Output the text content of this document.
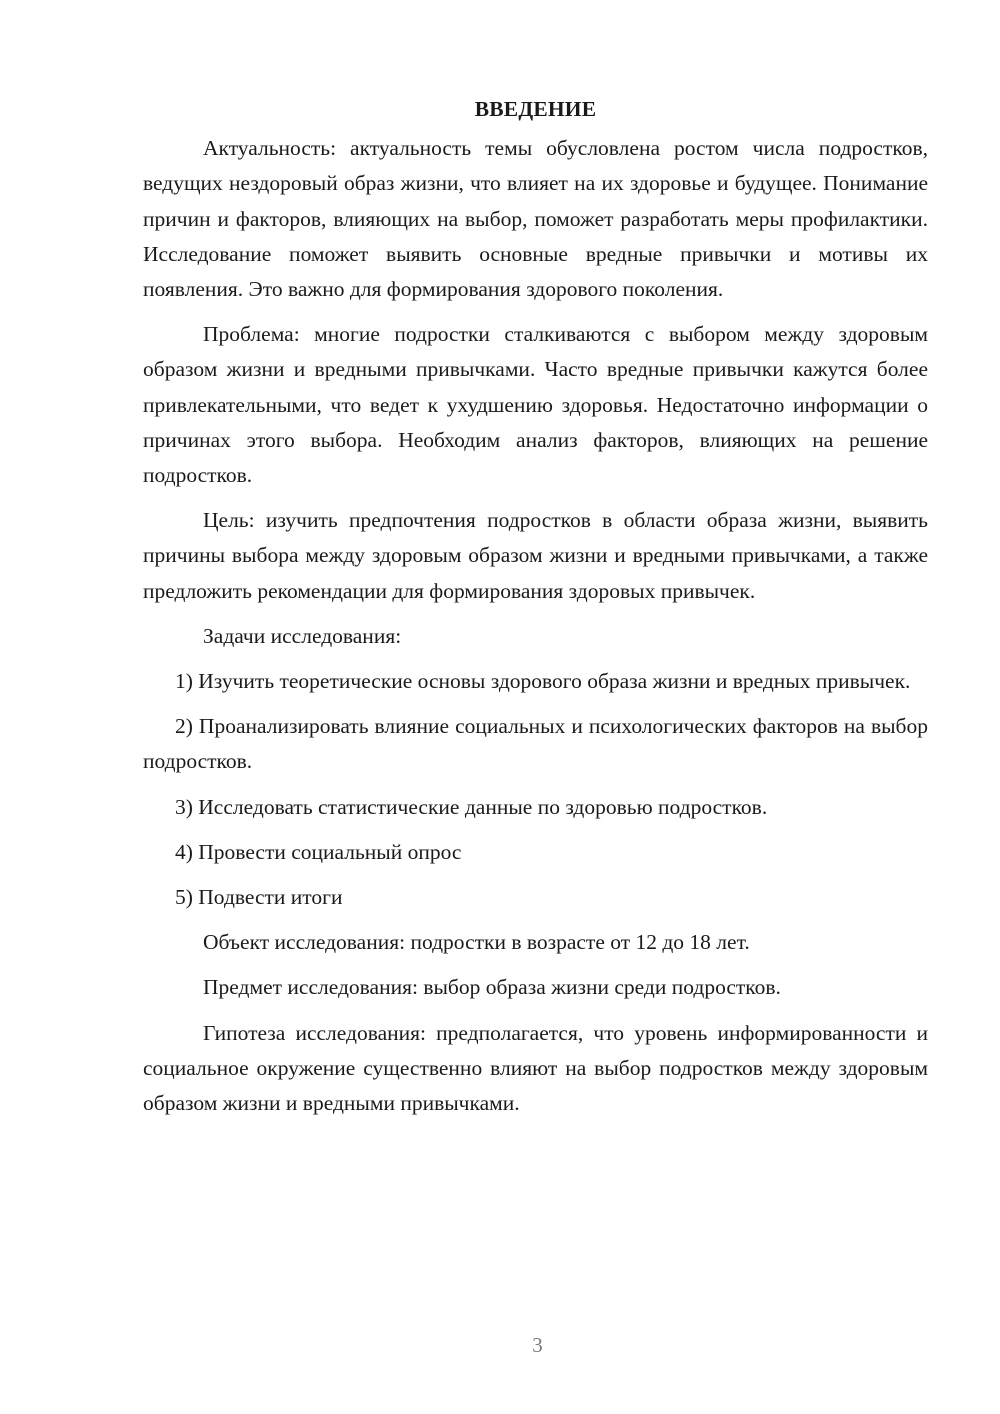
ВВЕДЕНИЕ

Актуальность: актуальность темы обусловлена ростом числа подростков, ведущих нездоровый образ жизни, что влияет на их здоровье и будущее. Понимание причин и факторов, влияющих на выбор, поможет разработать меры профилактики. Исследование поможет выявить основные вредные привычки и мотивы их появления. Это важно для формирования здорового поколения.

Проблема: многие подростки сталкиваются с выбором между здоровым образом жизни и вредными привычками. Часто вредные привычки кажутся более привлекательными, что ведет к ухудшению здоровья. Недостаточно информации о причинах этого выбора. Необходим анализ факторов, влияющих на решение подростков.

Цель: изучить предпочтения подростков в области образа жизни, выявить причины выбора между здоровым образом жизни и вредными привычками, а также предложить рекомендации для формирования здоровых привычек.

Задачи исследования:

1) Изучить теоретические основы здорового образа жизни и вредных привычек.

2) Проанализировать влияние социальных и психологических факторов на выбор подростков.

3) Исследовать статистические данные по здоровью подростков.

4) Провести социальный опрос

5) Подвести итоги

Объект исследования: подростки в возрасте от 12 до 18 лет.

Предмет исследования: выбор образа жизни среди подростков.

Гипотеза исследования: предполагается, что уровень информированности и социальное окружение существенно влияют на выбор подростков между здоровым образом жизни и вредными привычками.

3
